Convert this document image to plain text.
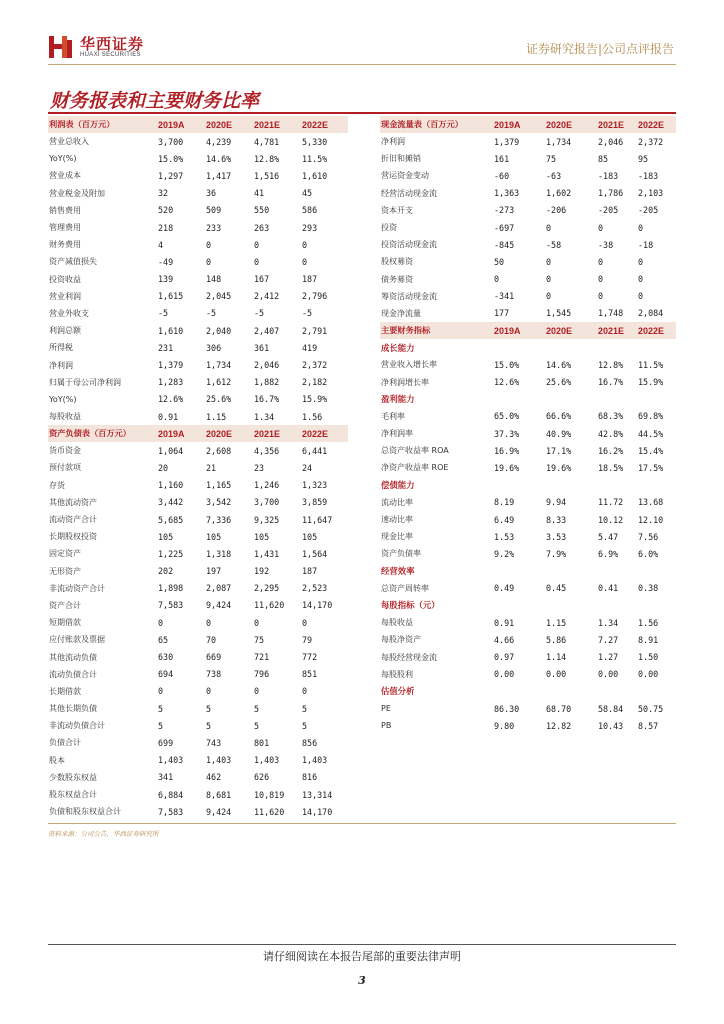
华西证券
HUAXI SECURITIES	证券研究报告|公司点评报告
财务报表和主要财务比率
利润表（百万元）	2019A	2020E	2021E	2022E
营业总收入	3,700	4,239	4,781	5,330
YoY(%)	15.0%	14.6%	12.8%	11.5%
营业成本	1,297	1,417	1,516	1,610
营业税金及附加	32	36	41	45
销售费用	520	509	550	586
管理费用	218	233	263	293
财务费用	4	0	0	0
资产减值损失	-49	0	0	0
投资收益	139	148	167	187
营业利润	1,615	2,045	2,412	2,796
营业外收支	-5	-5	-5	-5
利润总额	1,610	2,040	2,407	2,791
所得税	231	306	361	419
净利润	1,379	1,734	2,046	2,372
归属于母公司净利润	1,283	1,612	1,882	2,182
YoY(%)	12.6%	25.6%	16.7%	15.9%
每股收益	0.91	1.15	1.34	1.56
资产负债表（百万元）	2019A	2020E	2021E	2022E
货币资金	1,064	2,608	4,356	6,441
预付款项	20	21	23	24
存货	1,160	1,165	1,246	1,323
其他流动资产	3,442	3,542	3,700	3,859
流动资产合计	5,685	7,336	9,325	11,647
长期股权投资	105	105	105	105
固定资产	1,225	1,318	1,431	1,564
无形资产	202	197	192	187
非流动资产合计	1,898	2,087	2,295	2,523
资产合计	7,583	9,424	11,620	14,170
短期借款	0	0	0	0
应付账款及票据	65	70	75	79
其他流动负债	630	669	721	772
流动负债合计	694	738	796	851
长期借款	0	0	0	0
其他长期负债	5	5	5	5
非流动负债合计	5	5	5	5
负债合计	699	743	801	856
股本	1,403	1,403	1,403	1,403
少数股东权益	341	462	626	816
股东权益合计	6,884	8,681	10,819	13,314
负债和股东权益合计	7,583	9,424	11,620	14,170
现金流量表（百万元）	2019A	2020E	2021E	2022E
净利润	1,379	1,734	2,046	2,372
折旧和摊销	161	75	85	95
营运资金变动	-60	-63	-183	-183
经营活动现金流	1,363	1,602	1,786	2,103
资本开支	-273	-206	-205	-205
投资	-697	0	0	0
投资活动现金流	-845	-58	-38	-18
股权募资	50	0	0	0
债务募资	0	0	0	0
筹资活动现金流	-341	0	0	0
现金净流量	177	1,545	1,748	2,084
主要财务指标	2019A	2020E	2021E	2022E
成长能力				
营业收入增长率	15.0%	14.6%	12.8%	11.5%
净利润增长率	12.6%	25.6%	16.7%	15.9%
盈利能力				
毛利率	65.0%	66.6%	68.3%	69.8%
净利润率	37.3%	40.9%	42.8%	44.5%
总资产收益率 ROA	16.9%	17.1%	16.2%	15.4%
净资产收益率 ROE	19.6%	19.6%	18.5%	17.5%
偿债能力				
流动比率	8.19	9.94	11.72	13.68
速动比率	6.49	8.33	10.12	12.10
现金比率	1.53	3.53	5.47	7.56
资产负债率	9.2%	7.9%	6.9%	6.0%
经营效率				
总资产周转率	0.49	0.45	0.41	0.38
每股指标（元）				
每股收益	0.91	1.15	1.34	1.56
每股净资产	4.66	5.86	7.27	8.91
每股经营现金流	0.97	1.14	1.27	1.50
每股股利	0.00	0.00	0.00	0.00
估值分析				
PE	86.30	68.70	58.84	50.75
PB	9.80	12.82	10.43	8.57
资料来源：公司公告，华西证券研究所
请仔细阅读在本报告尾部的重要法律声明
3
